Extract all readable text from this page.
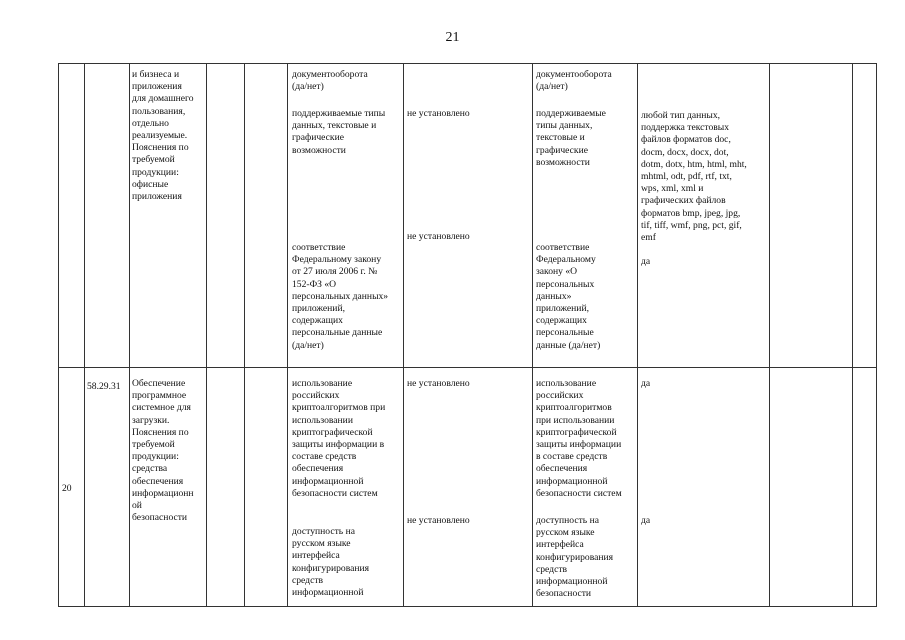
21
и бизнеса и
приложения
для домашнего
пользования,
отдельно
реализуемые.
Пояснения по
требуемой
продукции:
офисные
приложения
документооборота
(да/нет)
поддерживаемые типы
данных, текстовые и
графические
возможности
соответствие
Федеральному закону
от 27 июля 2006 г. №
152-ФЗ «О
персональных данных»
приложений,
содержащих
персональные данные
(да/нет)
не установлено
не установлено
документооборота
(да/нет)
поддерживаемые
типы данных,
текстовые и
графические
возможности
соответствие
Федеральному
закону «О
персональных
данных»
приложений,
содержащих
персональные
данные (да/нет)
любой тип данных,
поддержка текстовых
файлов форматов doc,
docm, docx, docx, dot,
dotm, dotx, htm, html, mht,
mhtml, odt, pdf, rtf, txt,
wps, xml, xml и
графических файлов
форматов bmp, jpeg, jpg,
tif, tiff, wmf, png, pct, gif,
emf
да
20
58.29.31 Обеспечение
программное
системное для
загрузки.
Пояснения по
требуемой
продукции:
средства
обеспечения
информационн
ой
безопасности
использование
российских
криптоалгоритмов при
использовании
криптографической
защиты информации в
составе средств
обеспечения
информационной
безопасности систем
доступность на
русском языке
интерфейса
конфигурирования
средств
информационной
не установлено
не установлено
использование
российских
криптоалгоритмов
при использовании
криптографической
защиты информации
в составе средств
обеспечения
информационной
безопасности систем
доступность на
русском языке
интерфейса
конфигурирования
средств
информационной
безопасности
да
да
